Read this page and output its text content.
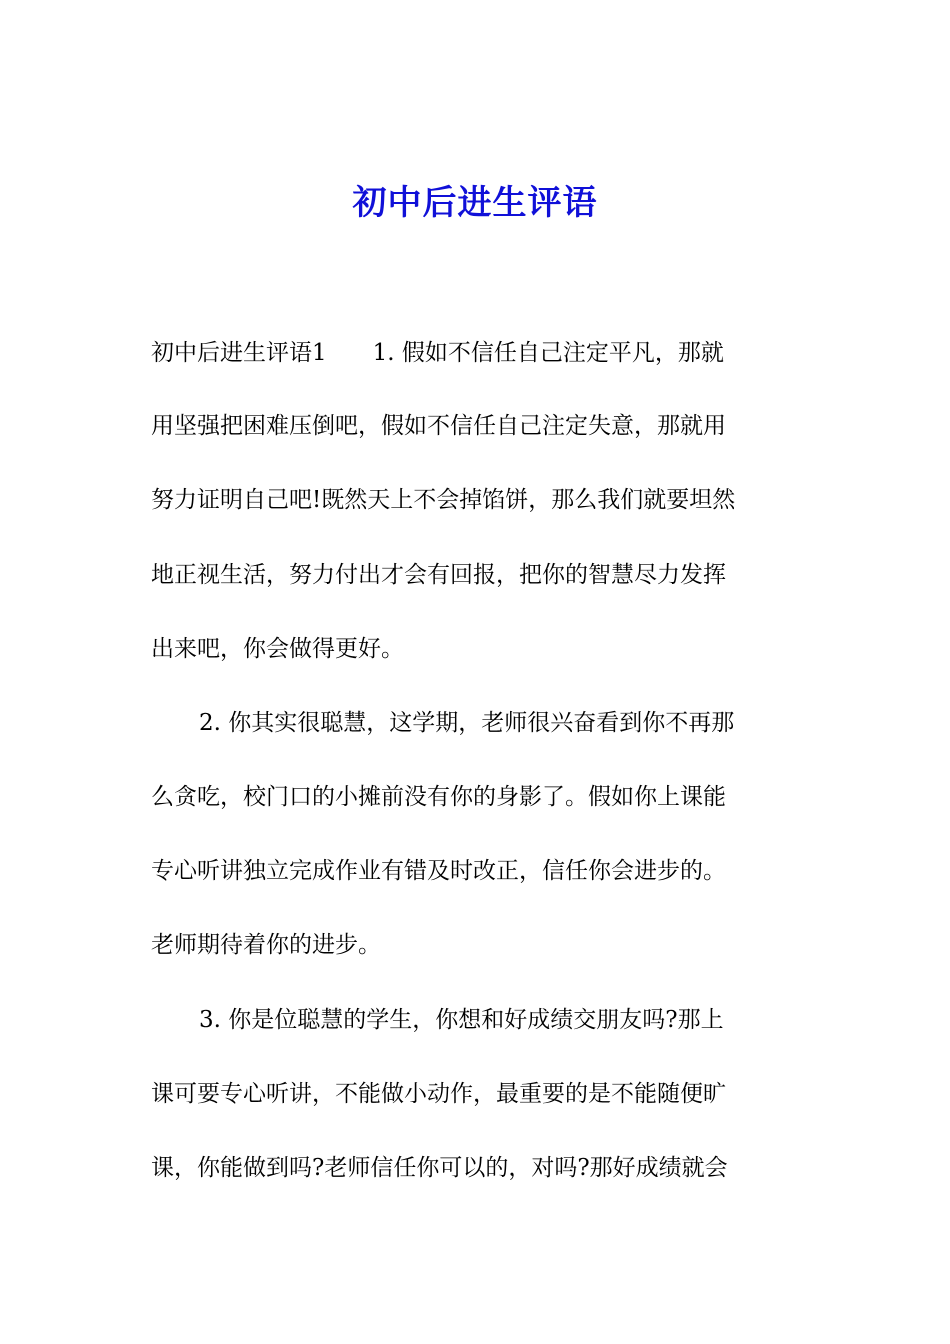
初中后进生评语
初中后进生评语1　　1. 假如不信任自己注定平凡，那就
用坚强把困难压倒吧，假如不信任自己注定失意，那就用
努力证明自己吧!既然天上不会掉馅饼，那么我们就要坦然
地正视生活，努力付出才会有回报，把你的智慧尽力发挥
出来吧，你会做得更好。
2. 你其实很聪慧，这学期，老师很兴奋看到你不再那
么贪吃，校门口的小摊前没有你的身影了。假如你上课能
专心听讲独立完成作业有错及时改正，信任你会进步的。
老师期待着你的进步。
3. 你是位聪慧的学生，你想和好成绩交朋友吗?那上
课可要专心听讲，不能做小动作，最重要的是不能随便旷
课，你能做到吗?老师信任你可以的，对吗?那好成绩就会
